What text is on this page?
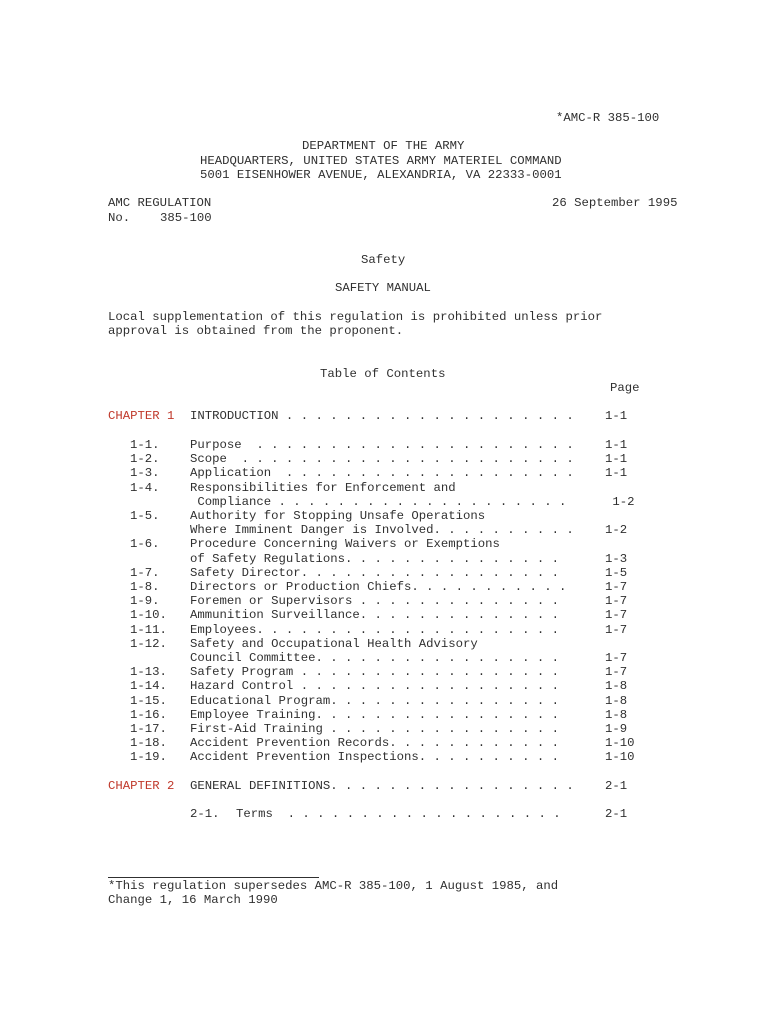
*AMC-R 385-100
DEPARTMENT OF THE ARMY
HEADQUARTERS, UNITED STATES ARMY MATERIEL COMMAND
5001 EISENHOWER AVENUE, ALEXANDRIA, VA 22333-0001
AMC REGULATION	26 September 1995
No. 385-100
Safety
SAFETY MANUAL
Local supplementation of this regulation is prohibited unless prior
approval is obtained from the proponent.
Table of Contents
Page
CHAPTER 1 INTRODUCTION . . . . . . . . . . . . . . . . . . . .	1-1
1-1. Purpose  . . . . . . . . . . . . . . . . . . . . . .	1-1
1-2. Scope  . . . . . . . . . . . . . . . . . . . . . . .	1-1
1-3. Application  . . . . . . . . . . . . . . . . . . . .	1-1
1-4. Responsibilities for Enforcement and
Compliance . . . . . . . . . . . . . . . . . . . .	1-2
1-5. Authority for Stopping Unsafe Operations
Where Imminent Danger is Involved. . . . . . . . . .	1-2
1-6. Procedure Concerning Waivers or Exemptions
of Safety Regulations. . . . . . . . . . . . . . .	1-3
1-7. Safety Director. . . . . . . . . . . . . . . . . .	1-5
1-8. Directors or Production Chiefs. . . . . . . . . . .	1-7
1-9. Foremen or Supervisors . . . . . . . . . . . . . .	1-7
1-10. Ammunition Surveillance. . . . . . . . . . . . . .	1-7
1-11. Employees. . . . . . . . . . . . . . . . . . . . .	1-7
1-12. Safety and Occupational Health Advisory
Council Committee. . . . . . . . . . . . . . . . .	1-7
1-13. Safety Program . . . . . . . . . . . . . . . . . .	1-7
1-14. Hazard Control . . . . . . . . . . . . . . . . . .	1-8
1-15. Educational Program. . . . . . . . . . . . . . . .	1-8
1-16. Employee Training. . . . . . . . . . . . . . . . .	1-8
1-17. First-Aid Training . . . . . . . . . . . . . . . .	1-9
1-18. Accident Prevention Records. . . . . . . . . . . .	1-10
1-19. Accident Prevention Inspections. . . . . . . . . .	1-10
CHAPTER 2 GENERAL DEFINITIONS. . . . . . . . . . . . . . . . .	2-1
2-1. Terms  . . . . . . . . . . . . . . . . . . .	2-1
*This regulation supersedes AMC-R 385-100, 1 August 1985, and
Change 1, 16 March 1990
